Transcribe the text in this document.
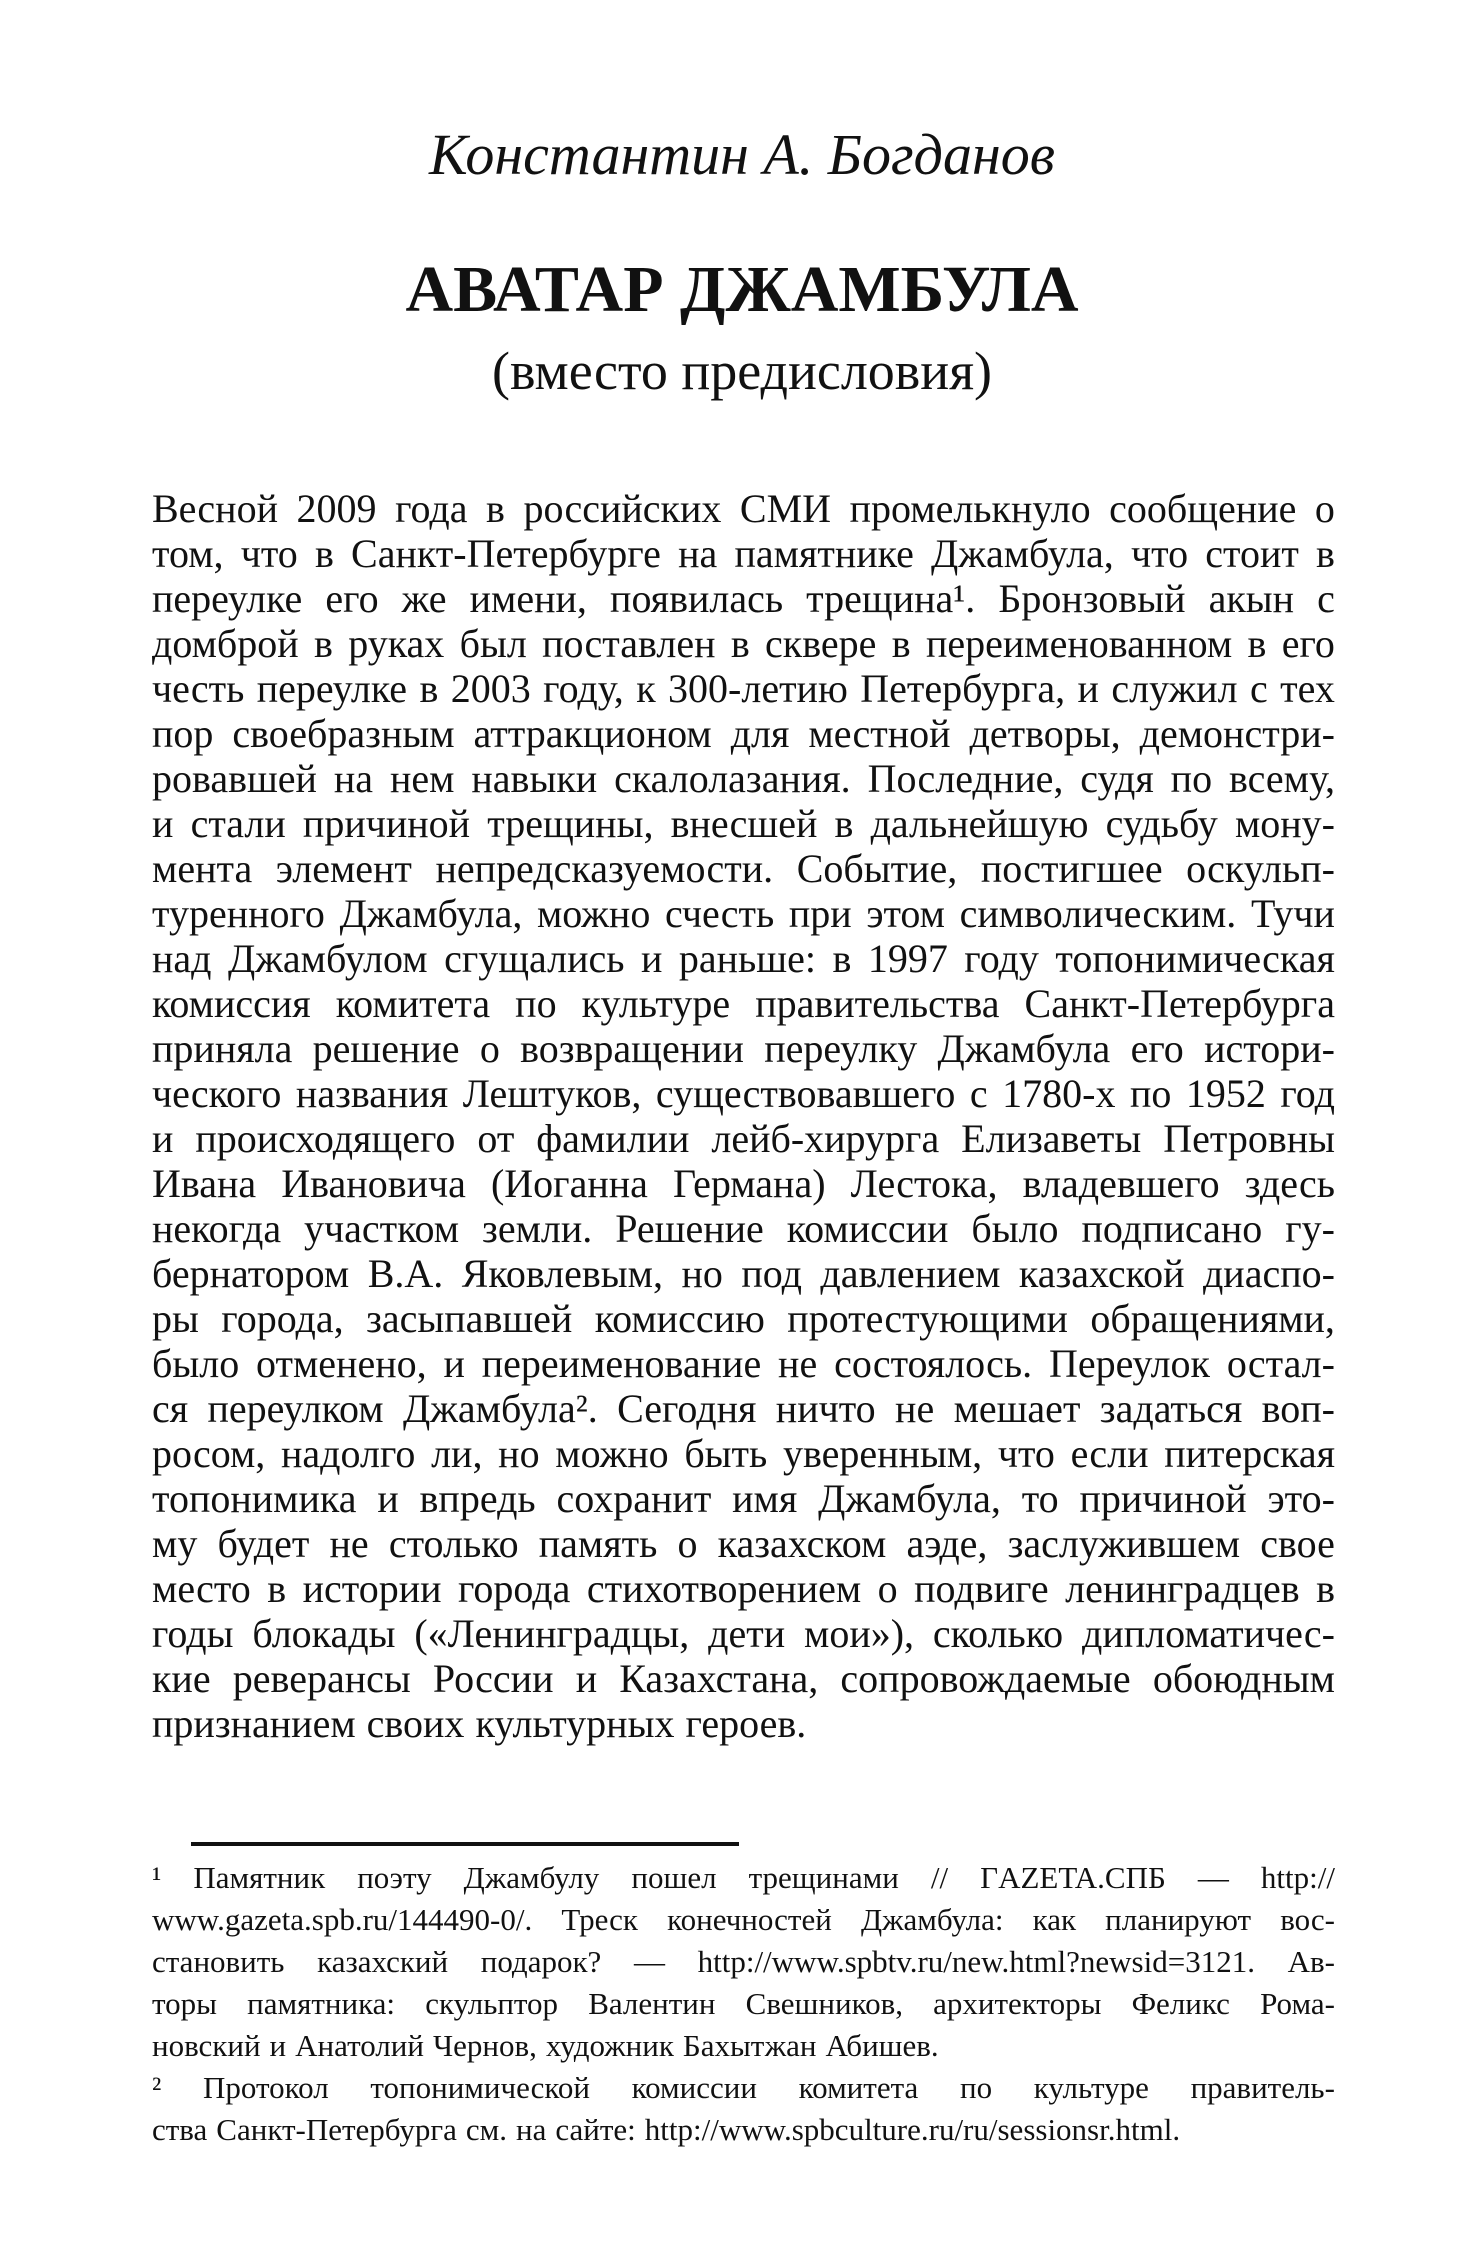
Константин А. Богданов
АВАТАР ДЖАМБУЛА
(вместо предисловия)
Весной 2009 года в российских СМИ промелькнуло сообщение о
том, что в Санкт-Петербурге на памятнике Джамбула, что стоит в
переулке его же имени, появилась трещина¹. Бронзовый акын с
домброй в руках был поставлен в сквере в переименованном в его
честь переулке в 2003 году, к 300-летию Петербурга, и служил с тех
пор своебразным аттракционом для местной детворы, демонстри-
ровавшей на нем навыки скалолазания. Последние, судя по всему,
и стали причиной трещины, внесшей в дальнейшую судьбу мону-
мента элемент непредсказуемости. Событие, постигшее оскульп-
туренного Джамбула, можно счесть при этом символическим. Тучи
над Джамбулом сгущались и раньше: в 1997 году топонимическая
комиссия комитета по культуре правительства Санкт-Петербурга
приняла решение о возвращении переулку Джамбула его истори-
ческого названия Лештуков, существовавшего с 1780-х по 1952 год
и происходящего от фамилии лейб-хирурга Елизаветы Петровны
Ивана Ивановича (Иоганна Германа) Лестока, владевшего здесь
некогда участком земли. Решение комиссии было подписано гу-
бернатором В.А. Яковлевым, но под давлением казахской диаспо-
ры города, засыпавшей комиссию протестующими обращениями,
было отменено, и переименование не состоялось. Переулок остал-
ся переулком Джамбула². Сегодня ничто не мешает задаться воп-
росом, надолго ли, но можно быть уверенным, что если питерская
топонимика и впредь сохранит имя Джамбула, то причиной это-
му будет не столько память о казахском аэде, заслужившем свое
место в истории города стихотворением о подвиге ленинградцев в
годы блокады («Ленинградцы, дети мои»), сколько дипломатичес-
кие реверансы России и Казахстана, сопровождаемые обоюдным
признанием своих культурных героев.
¹ Памятник поэту Джамбулу пошел трещинами // ГAZETA.СПБ — http://
www.gazeta.spb.ru/144490-0/. Треск конечностей Джамбула: как планируют вос-
становить казахский подарок? — http://www.spbtv.ru/new.html?newsid=3121. Ав-
торы памятника: скульптор Валентин Свешников, архитекторы Феликс Рома-
новский и Анатолий Чернов, художник Бахытжан Абишев.
² Протокол топонимической комиссии комитета по культуре правитель-
ства Санкт-Петербурга см. на сайте: http://www.spbculture.ru/ru/sessionsr.html.
